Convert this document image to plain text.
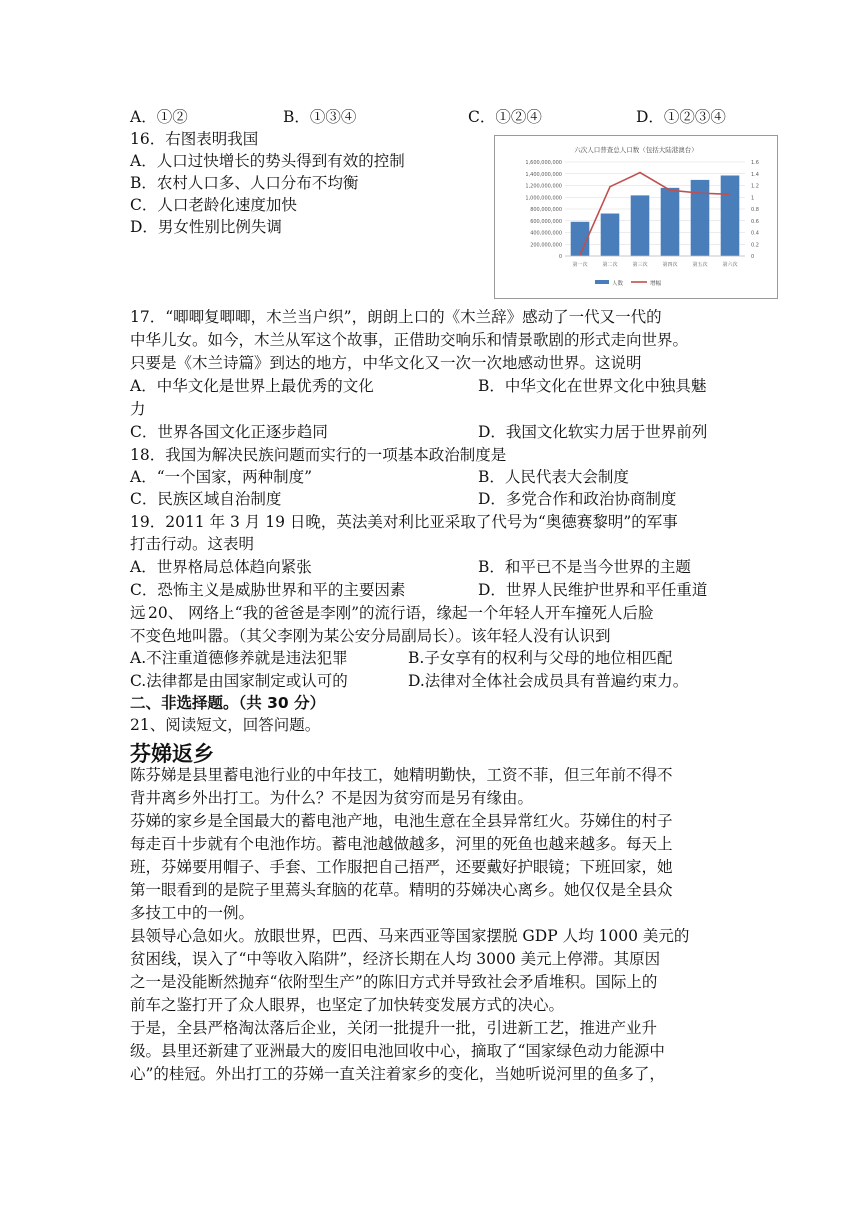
A．①②	B．①③④	C．①②④	D．①②③④
16．右图表明我国
A．人口过快增长的势头得到有效的控制
B．农村人口多、人口分布不均衡
C．人口老龄化速度加快
D．男女性别比例失调
六次人口普查总人口数（包括大陆港澳台）
0
200,000,000
400,000,000
600,000,000
800,000,000
1,000,000,000
1,200,000,000
1,400,000,000
1,600,000,000
0
0.2
0.4
0.6
0.8
1
1.2
1.4
1.6
第一次	第二次	第三次	第四次	第五次	第六次
人数	增幅
17．“唧唧复唧唧，木兰当户织”，朗朗上口的《木兰辞》感动了一代又一代的
中华儿女。如今，木兰从军这个故事，正借助交响乐和情景歌剧的形式走向世界。
只要是《木兰诗篇》到达的地方，中华文化又一次一次地感动世界。这说明
A．中华文化是世界上最优秀的文化	B．中华文化在世界文化中独具魅
力
C．世界各国文化正逐步趋同	D．我国文化软实力居于世界前列
18．我国为解决民族问题而实行的一项基本政治制度是
A．“一个国家，两种制度”	B．人民代表大会制度
C．民族区域自治制度	D．多党合作和政治协商制度
19．2011 年 3 月 19 日晚，英法美对利比亚采取了代号为“奥德赛黎明”的军事
打击行动。这表明
A．世界格局总体趋向紧张	B．和平已不是当今世界的主题
C．恐怖主义是威胁世界和平的主要因素	D．世界人民维护世界和平任重道
远 20、 网络上“我的爸爸是李刚”的流行语，缘起一个年轻人开车撞死人后脸
不变色地叫嚣。（其父李刚为某公安分局副局长）。该年轻人没有认识到
A.不注重道德修养就是违法犯罪	B.子女享有的权利与父母的地位相匹配
C.法律都是由国家制定或认可的	D.法律对全体社会成员具有普遍约束力。
二、非选择题。（共 30 分）
21、阅读短文，回答问题。
芬娣返乡
陈芬娣是县里蓄电池行业的中年技工，她精明勤快，工资不菲，但三年前不得不
背井离乡外出打工。为什么？不是因为贫穷而是另有缘由。
芬娣的家乡是全国最大的蓄电池产地，电池生意在全县异常红火。芬娣住的村子
每走百十步就有个电池作坊。蓄电池越做越多，河里的死鱼也越来越多。每天上
班，芬娣要用帽子、手套、工作服把自己捂严，还要戴好护眼镜；下班回家，她
第一眼看到的是院子里蔫头耷脑的花草。精明的芬娣决心离乡。她仅仅是全县众
多技工中的一例。
县领导心急如火。放眼世界，巴西、马来西亚等国家摆脱 GDP 人均 1000 美元的
贫困线，误入了“中等收入陷阱”，经济长期在人均 3000 美元上停滞。其原因
之一是没能断然抛弃“依附型生产”的陈旧方式并导致社会矛盾堆积。国际上的
前车之鉴打开了众人眼界，也坚定了加快转变发展方式的决心。
于是，全县严格淘汰落后企业，关闭一批提升一批，引进新工艺，推进产业升
级。县里还新建了亚洲最大的废旧电池回收中心，摘取了“国家绿色动力能源中
心”的桂冠。外出打工的芬娣一直关注着家乡的变化，当她听说河里的鱼多了，
